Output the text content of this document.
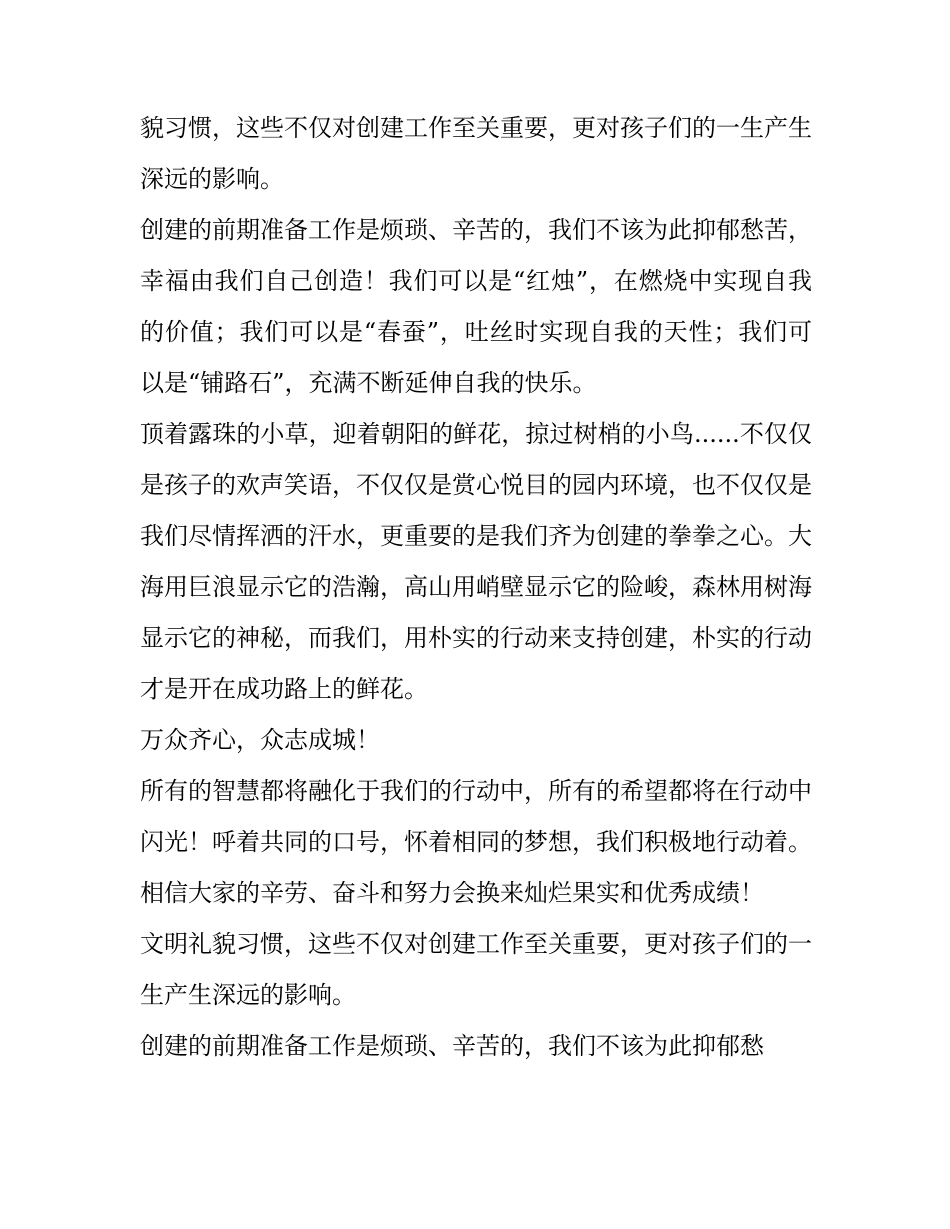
貌习惯，这些不仅对创建工作至关重要，更对孩子们的一生产生深远的影响。

创建的前期准备工作是烦琐、辛苦的，我们不该为此抑郁愁苦，幸福由我们自己创造！我们可以是“红烛”，在燃烧中实现自我的价值；我们可以是“春蚕”，吐丝时实现自我的天性；我们可以是“铺路石”，充满不断延伸自我的快乐。

顶着露珠的小草，迎着朝阳的鲜花，掠过树梢的小鸟......不仅仅是孩子的欢声笑语，不仅仅是赏心悦目的园内环境，也不仅仅是我们尽情挥洒的汗水，更重要的是我们齐为创建的拳拳之心。大海用巨浪显示它的浩瀚，高山用峭壁显示它的险峻，森林用树海显示它的神秘，而我们，用朴实的行动来支持创建，朴实的行动才是开在成功路上的鲜花。

万众齐心，众志成城！

所有的智慧都将融化于我们的行动中，所有的希望都将在行动中闪光！呼着共同的口号，怀着相同的梦想，我们积极地行动着。相信大家的辛劳、奋斗和努力会换来灿烂果实和优秀成绩！

文明礼貌习惯，这些不仅对创建工作至关重要，更对孩子们的一生产生深远的影响。

创建的前期准备工作是烦琐、辛苦的，我们不该为此抑郁愁
